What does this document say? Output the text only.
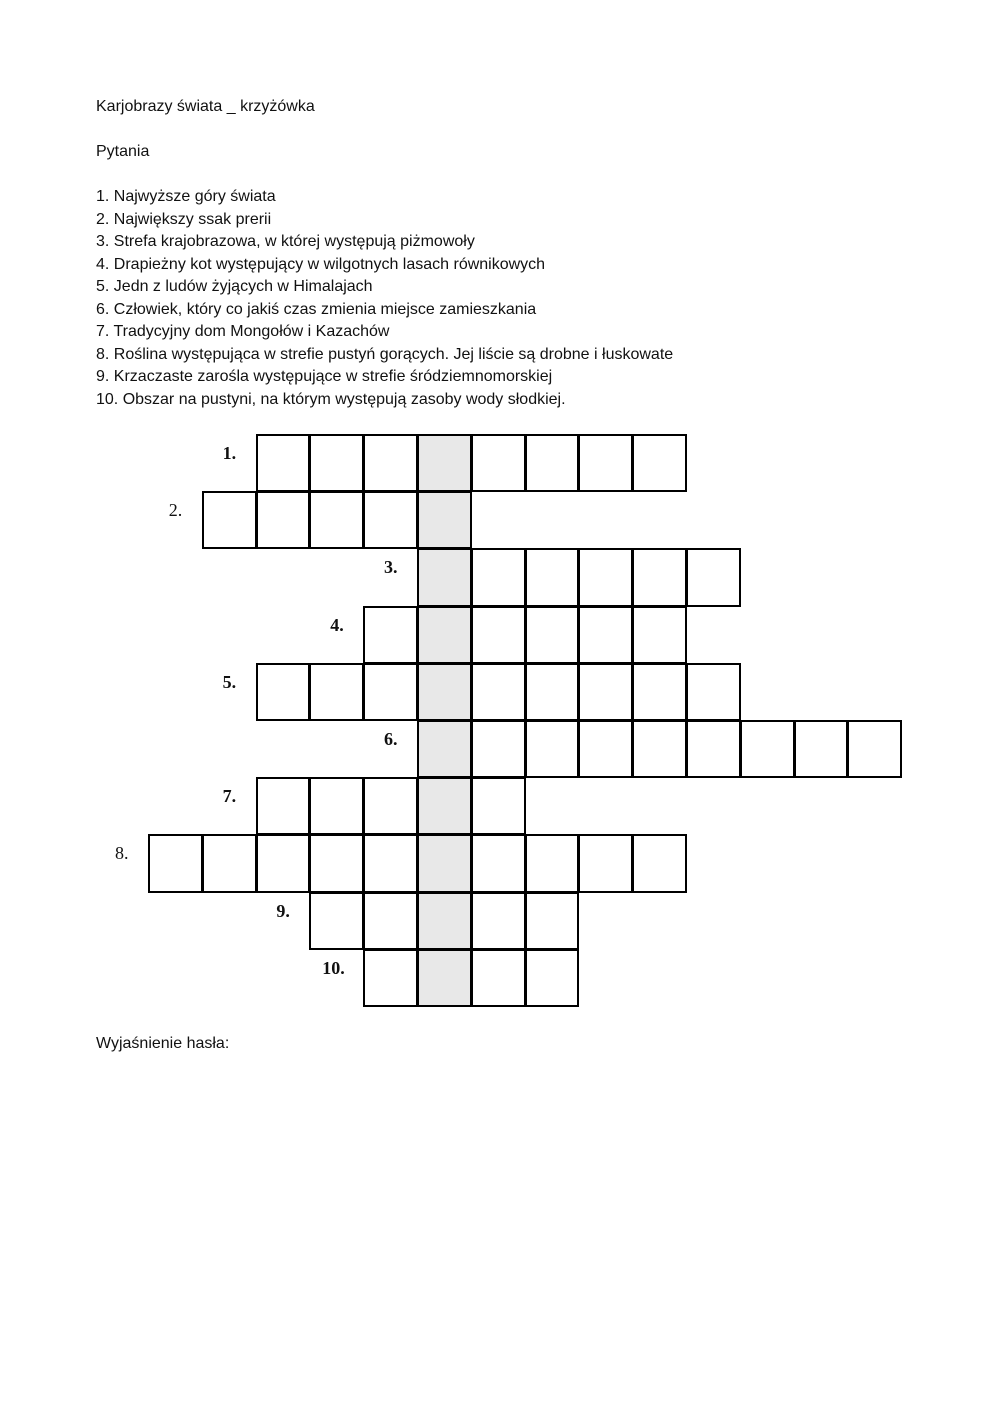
Karjobrazy świata _ krzyżówka
Pytania
1. Najwyższe góry świata
2. Największy ssak prerii
3. Strefa krajobrazowa, w której występują piżmowoły
4. Drapieżny kot występujący w wilgotnych lasach równikowych
5. Jedn z ludów żyjących w Himalajach
6. Człowiek, który co jakiś czas zmienia miejsce zamieszkania
7. Tradycyjny dom Mongołów i Kazachów
8. Roślina występująca w strefie pustyń gorących. Jej liście są drobne i łuskowate
9. Krzaczaste zarośla występujące w strefie śródziemnomorskiej
10. Obszar na pustyni, na którym występują zasoby wody słodkiej.
1.
2.
3.
4.
5.
6.
7.
8.
9.
10.
Wyjaśnienie hasła:
